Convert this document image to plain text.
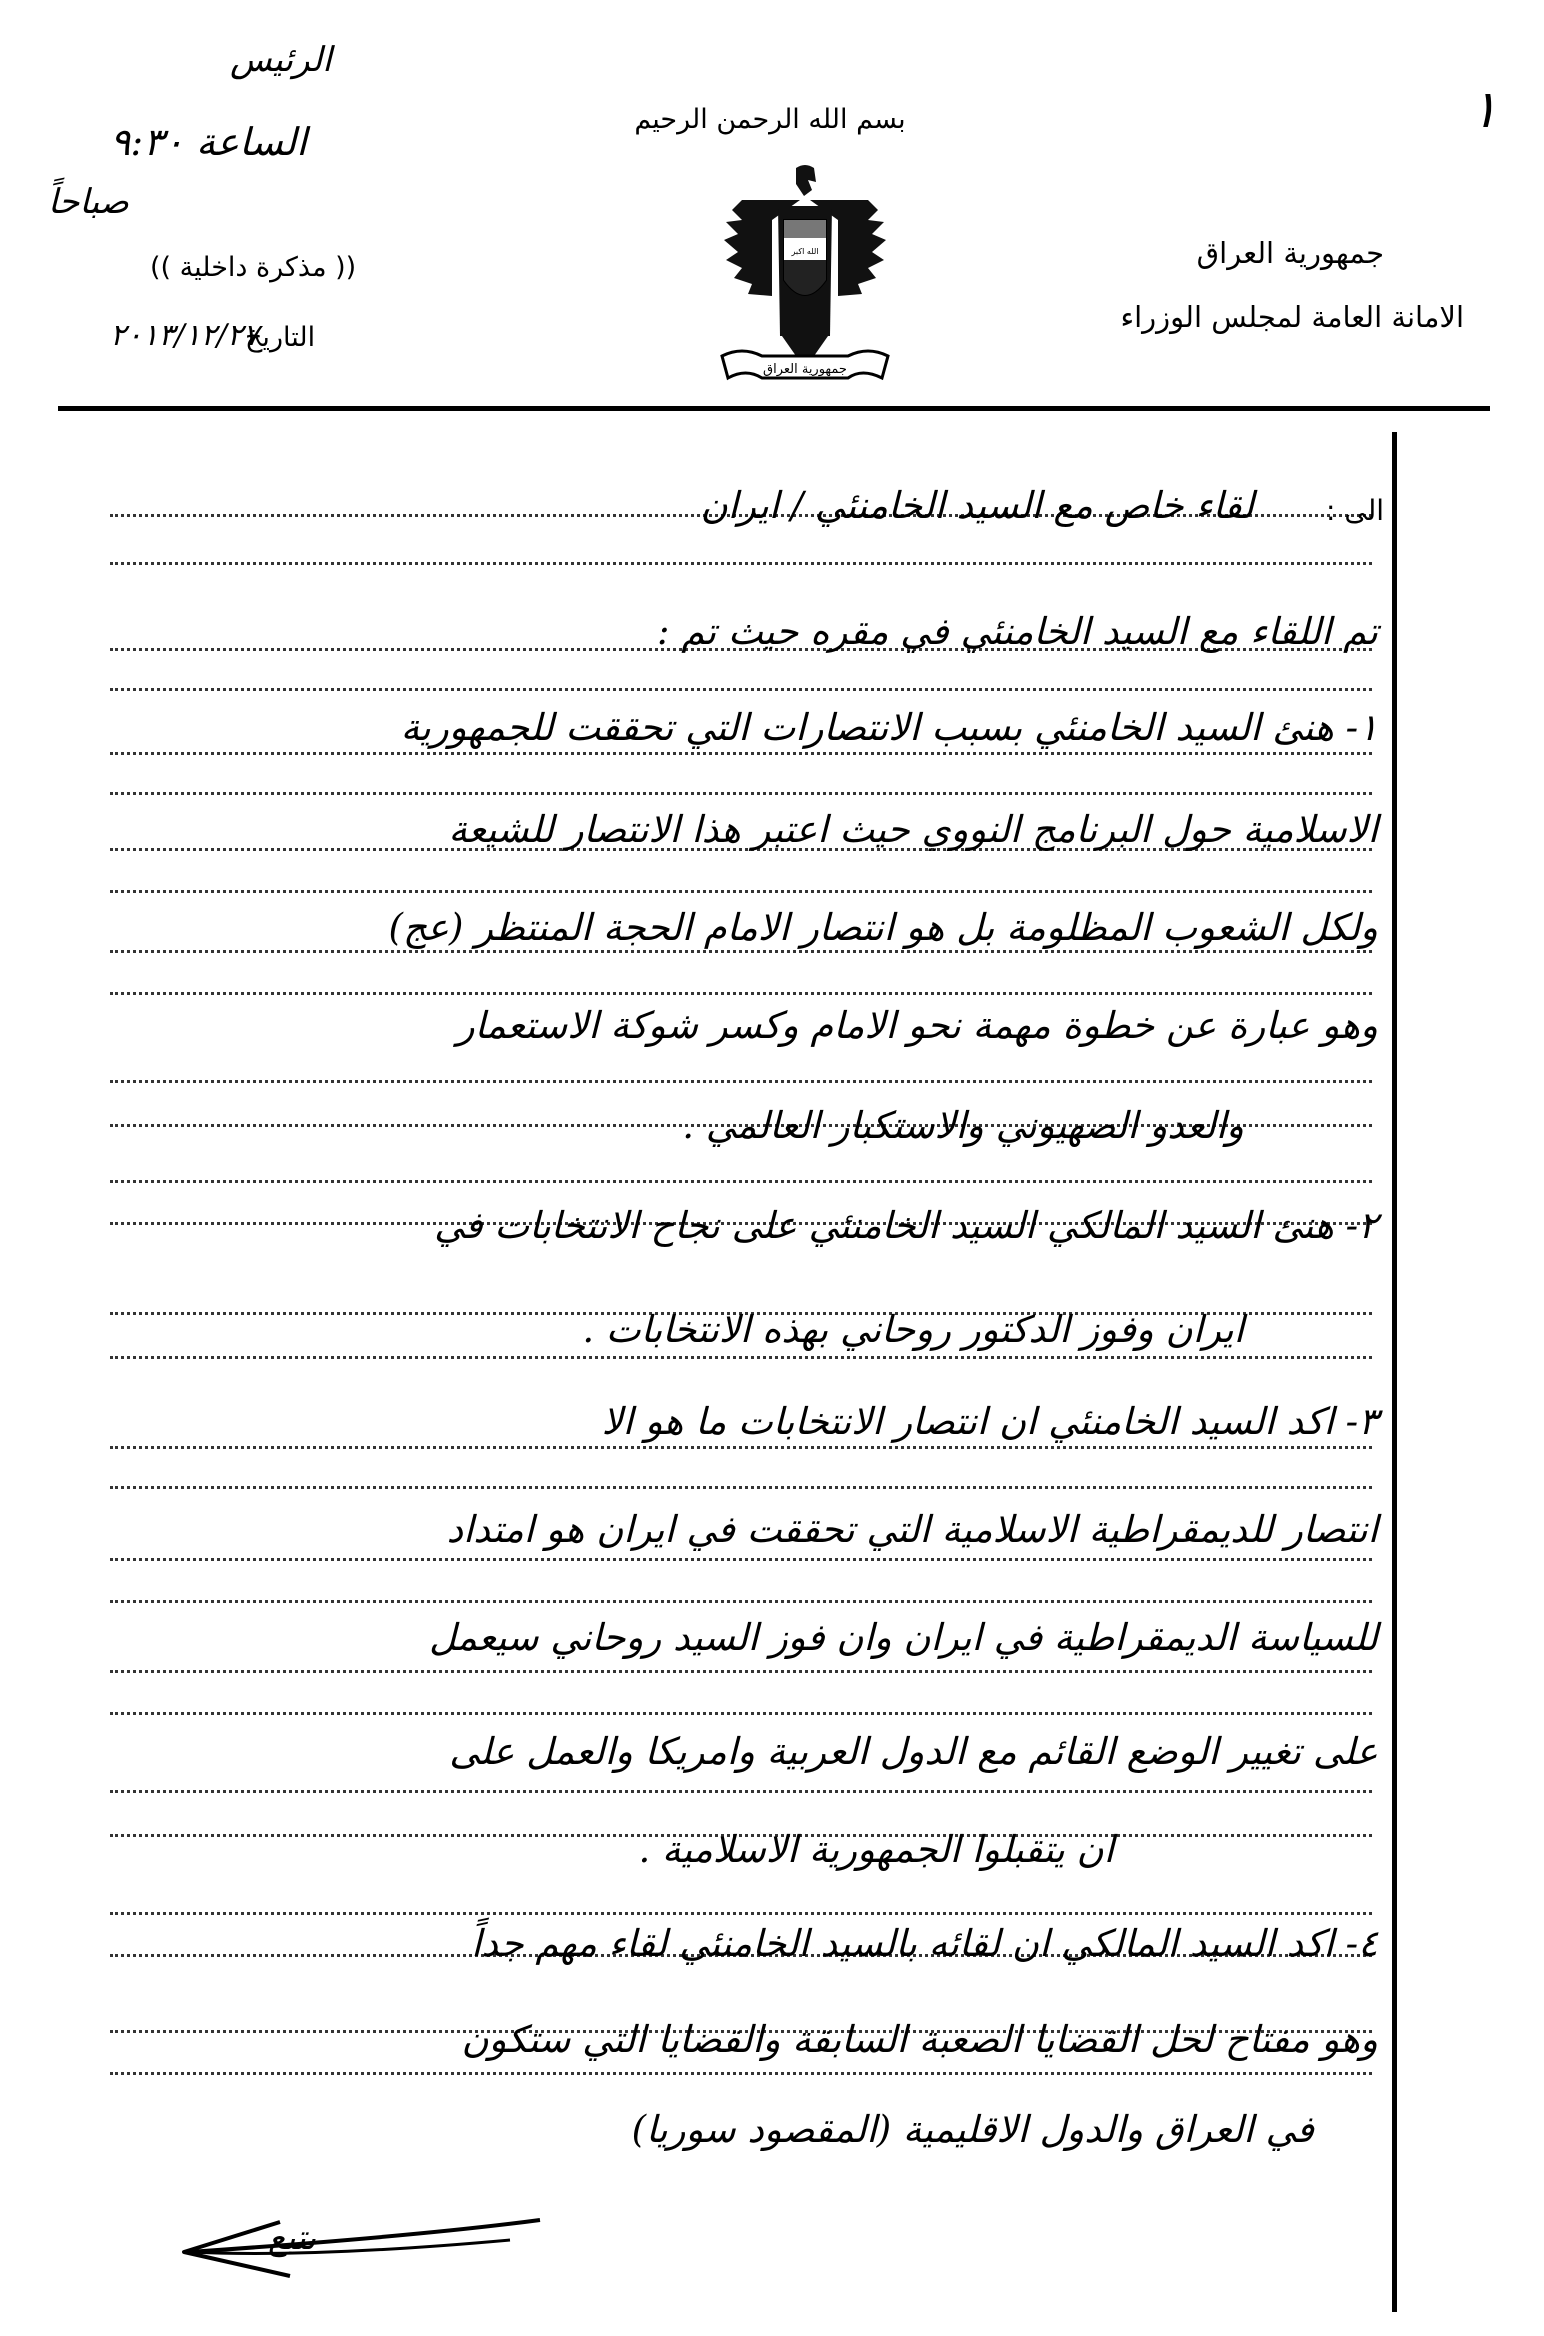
الرئيس
الساعة ٩:٣٠
صباحاً
١
بسم الله الرحمن الرحيم
جمهورية العراق
الامانة العامة لمجلس الوزراء
(( مذكرة داخلية ))
التاريخ
٢٠١٣/١٢/٢٧
الله اكبر
جمهورية العراق
الى :
لقاء خاص مع السيد الخامنئي / ايران
تم اللقاء مع السيد الخامنئي في مقره حيث تم :
١- هنئ السيد الخامنئي بسبب الانتصارات التي تحققت للجمهورية
الاسلامية حول البرنامج النووي حيث اعتبر هذا الانتصار للشيعة
ولكل الشعوب المظلومة بل هو انتصار الامام الحجة المنتظر (عج)
وهو عبارة عن خطوة مهمة نحو الامام وكسر شوكة الاستعمار
والعدو الصهيوني والاستكبار العالمي .
٢- هنئ السيد المالكي السيد الخامنئي على نجاح الانتخابات في
ايران وفوز الدكتور روحاني بهذه الانتخابات .
٣- اكد السيد الخامنئي ان انتصار الانتخابات ما هو الا
انتصار للديمقراطية الاسلامية التي تحققت في ايران هو امتداد
للسياسة الديمقراطية في ايران وان فوز السيد روحاني سيعمل
على تغيير الوضع القائم مع الدول العربية وامريكا والعمل على
ان يتقبلوا الجمهورية الاسلامية .
٤- اكد السيد المالكي ان لقائه بالسيد الخامنئي لقاء مهم جداً
وهو مفتاح لحل القضايا الصعبة السابقة والقضايا التي ستكون
في العراق والدول الاقليمية (المقصود سوريا)
يتبع
